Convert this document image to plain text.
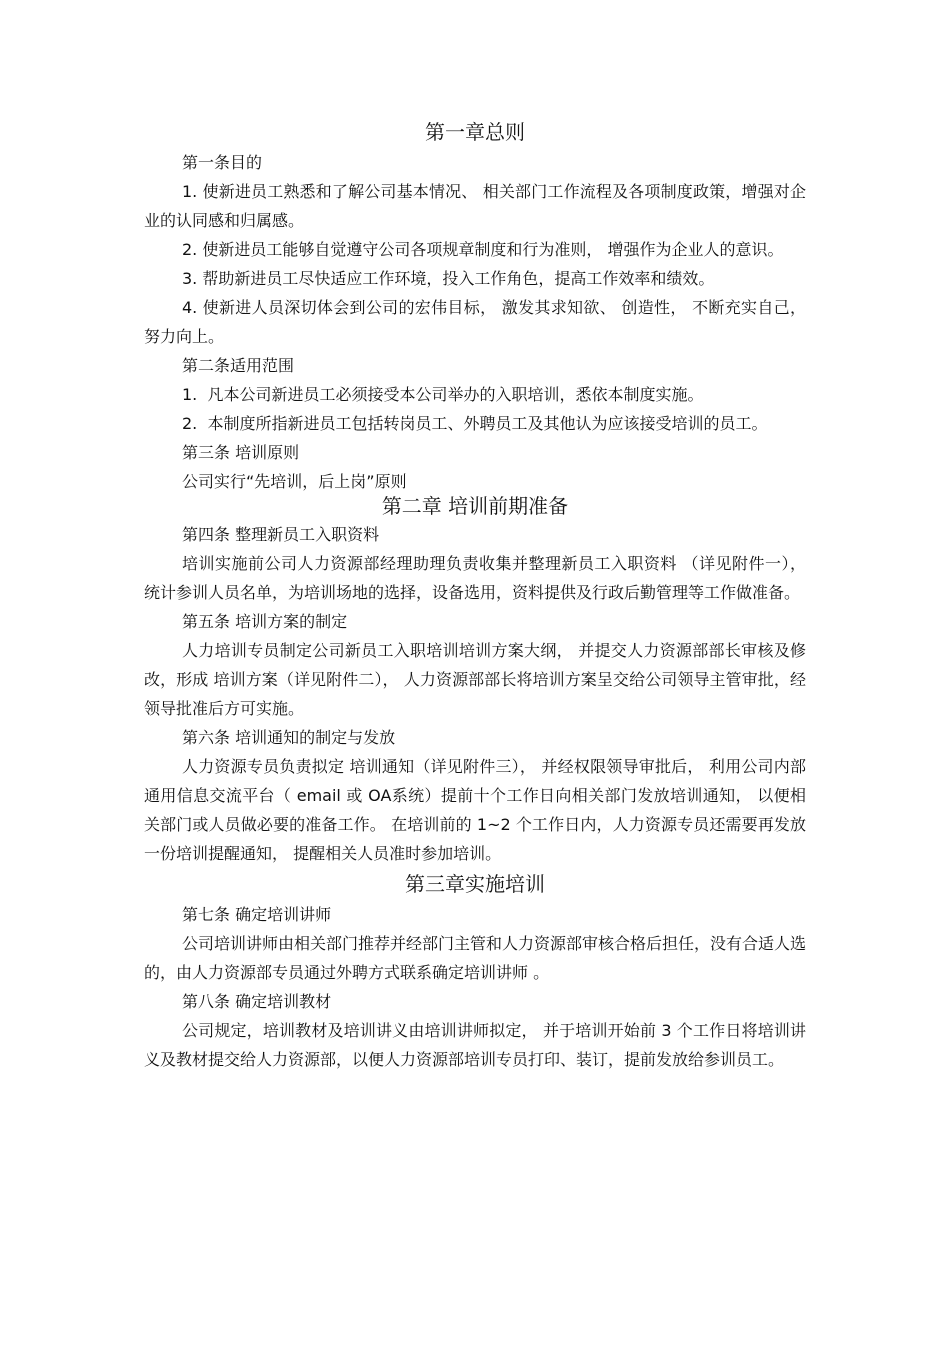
第一章总则

第一条目的

1. 使新进员工熟悉和了解公司基本情况、 相关部门工作流程及各项制度政策，增强对企业的认同感和归属感。

2. 使新进员工能够自觉遵守公司各项规章制度和行为准则， 增强作为企业人的意识。

3. 帮助新进员工尽快适应工作环境，投入工作角色，提高工作效率和绩效。

4. 使新进人员深切体会到公司的宏伟目标， 激发其求知欲、 创造性， 不断充实自己，努力向上。

第二条适用范围

1.  凡本公司新进员工必须接受本公司举办的入职培训，悉依本制度实施。

2.  本制度所指新进员工包括转岗员工、外聘员工及其他认为应该接受培训的员工。

第三条 培训原则

公司实行“先培训，后上岗”原则

第二章 培训前期准备

第四条 整理新员工入职资料

培训实施前公司人力资源部经理助理负责收集并整理新员工入职资料 （详见附件一）， 统计参训人员名单，为培训场地的选择，设备选用，资料提供及行政后勤管理等工作做准备。

第五条 培训方案的制定

人力培训专员制定公司新员工入职培训培训方案大纲， 并提交人力资源部部长审核及修改，形成 培训方案（详见附件二）， 人力资源部部长将培训方案呈交给公司领导主管审批，经领导批准后方可实施。

第六条 培训通知的制定与发放

人力资源专员负责拟定 培训通知（详见附件三）， 并经权限领导审批后， 利用公司内部通用信息交流平台（ email 或 OA系统）提前十个工作日向相关部门发放培训通知， 以便相关部门或人员做必要的准备工作。 在培训前的 1~2 个工作日内，人力资源专员还需要再发放一份培训提醒通知， 提醒相关人员准时参加培训。

第三章实施培训

第七条 确定培训讲师

公司培训讲师由相关部门推荐并经部门主管和人力资源部审核合格后担任，没有合适人选的，由人力资源部专员通过外聘方式联系确定培训讲师 。

第八条 确定培训教材

公司规定，培训教材及培训讲义由培训讲师拟定， 并于培训开始前 3 个工作日将培训讲义及教材提交给人力资源部，以便人力资源部培训专员打印、装订，提前发放给参训员工。
